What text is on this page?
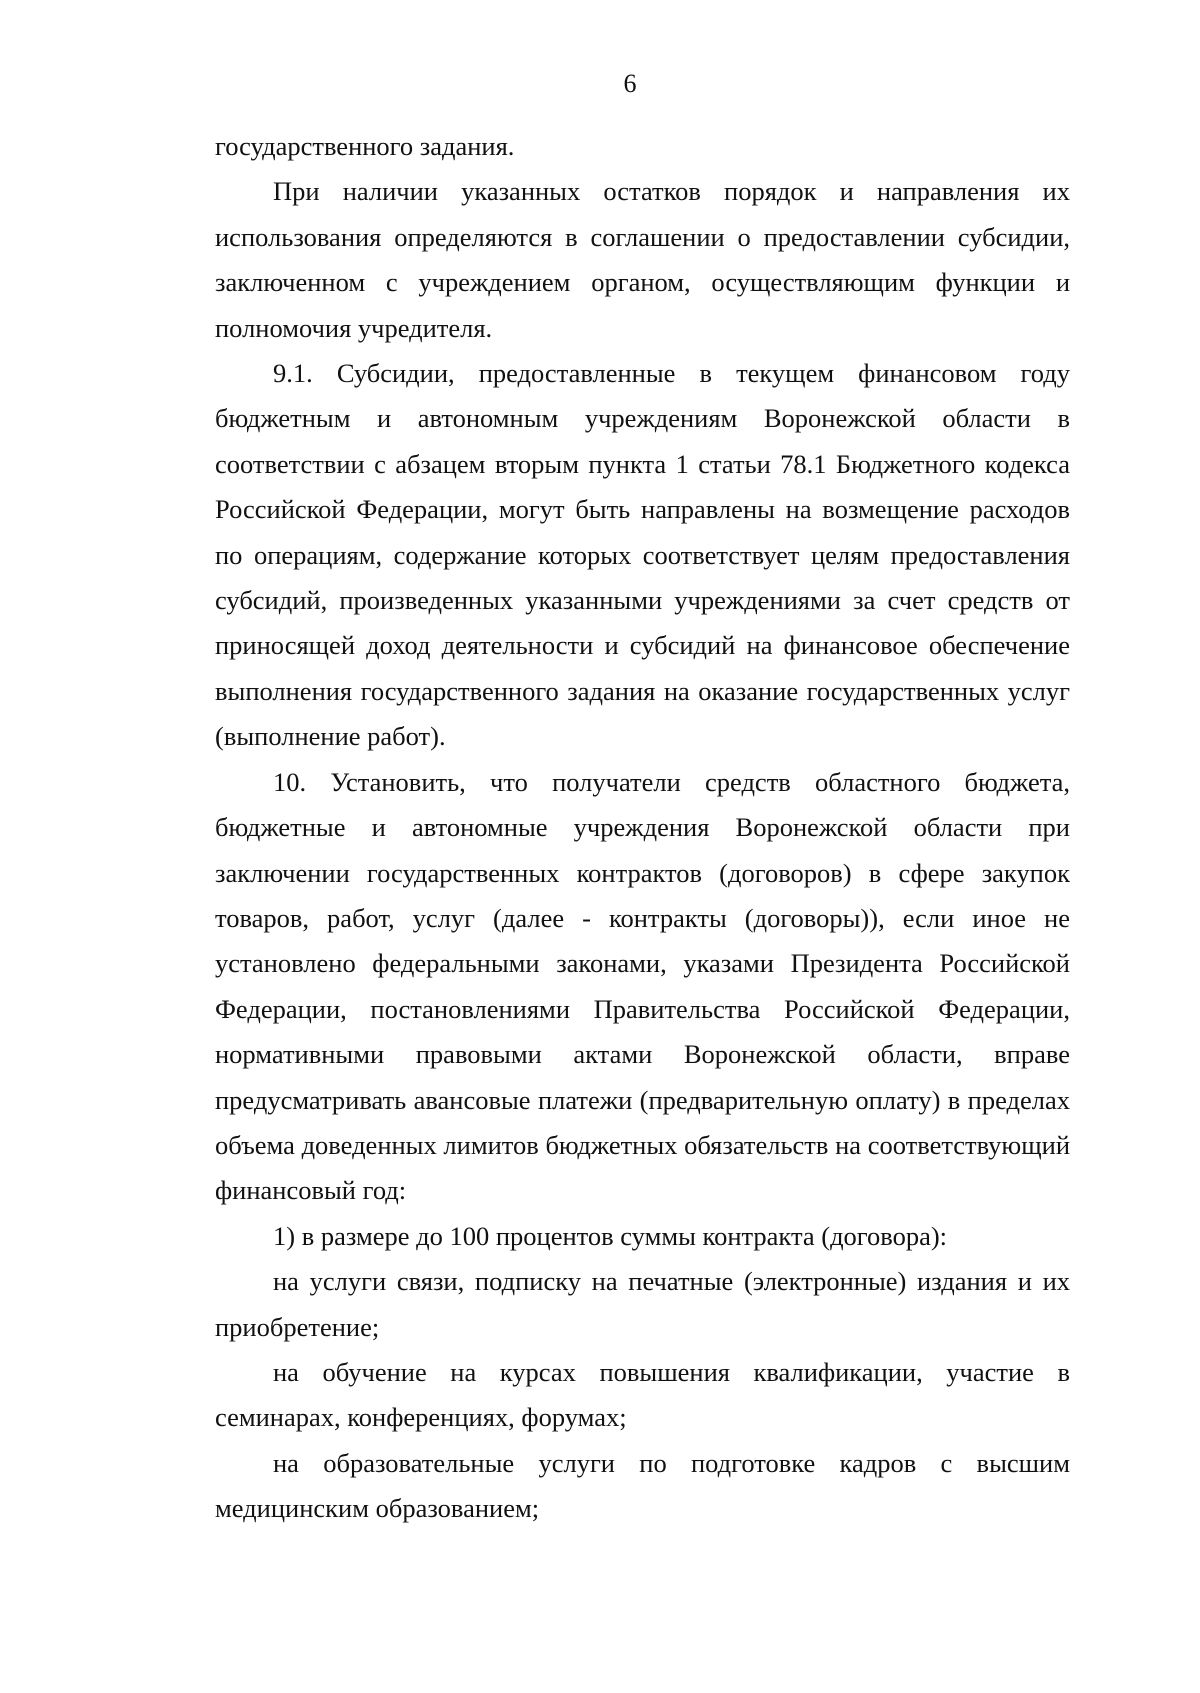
6

государственного задания.

При наличии указанных остатков порядок и направления их использования определяются в соглашении о предоставлении субсидии, заключенном с учреждением органом, осуществляющим функции и полномочия учредителя.

9.1. Субсидии, предоставленные в текущем финансовом году бюджетным и автономным учреждениям Воронежской области в соответствии с абзацем вторым пункта 1 статьи 78.1 Бюджетного кодекса Российской Федерации, могут быть направлены на возмещение расходов по операциям, содержание которых соответствует целям предоставления субсидий, произведенных указанными учреждениями за счет средств от приносящей доход деятельности и субсидий на финансовое обеспечение выполнения государственного задания на оказание государственных услуг (выполнение работ).

10. Установить, что получатели средств областного бюджета, бюджетные и автономные учреждения Воронежской области при заключении государственных контрактов (договоров) в сфере закупок товаров, работ, услуг (далее - контракты (договоры)), если иное не установлено федеральными законами, указами Президента Российской Федерации, постановлениями Правительства Российской Федерации, нормативными правовыми актами Воронежской области, вправе предусматривать авансовые платежи (предварительную оплату) в пределах объема доведенных лимитов бюджетных обязательств на соответствующий финансовый год:

1) в размере до 100 процентов суммы контракта (договора):

на услуги связи, подписку на печатные (электронные) издания и их приобретение;

на обучение на курсах повышения квалификации, участие в семинарах, конференциях, форумах;

на образовательные услуги по подготовке кадров с высшим медицинским образованием;
